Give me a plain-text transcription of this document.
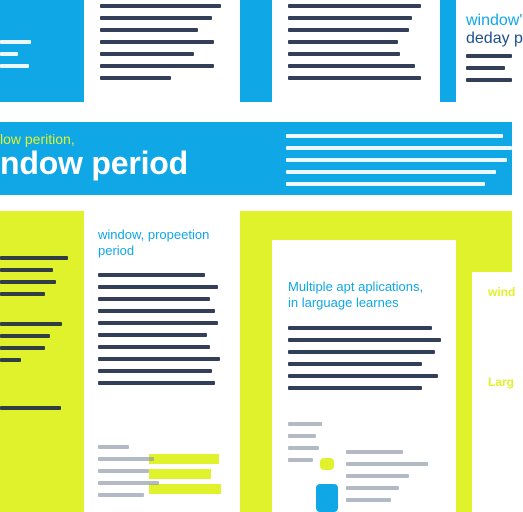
window'
deday p
low perition,
ndow period
window, propeetion
period
Multiple apt aplications,
in larguage learnes
wind
Larg
